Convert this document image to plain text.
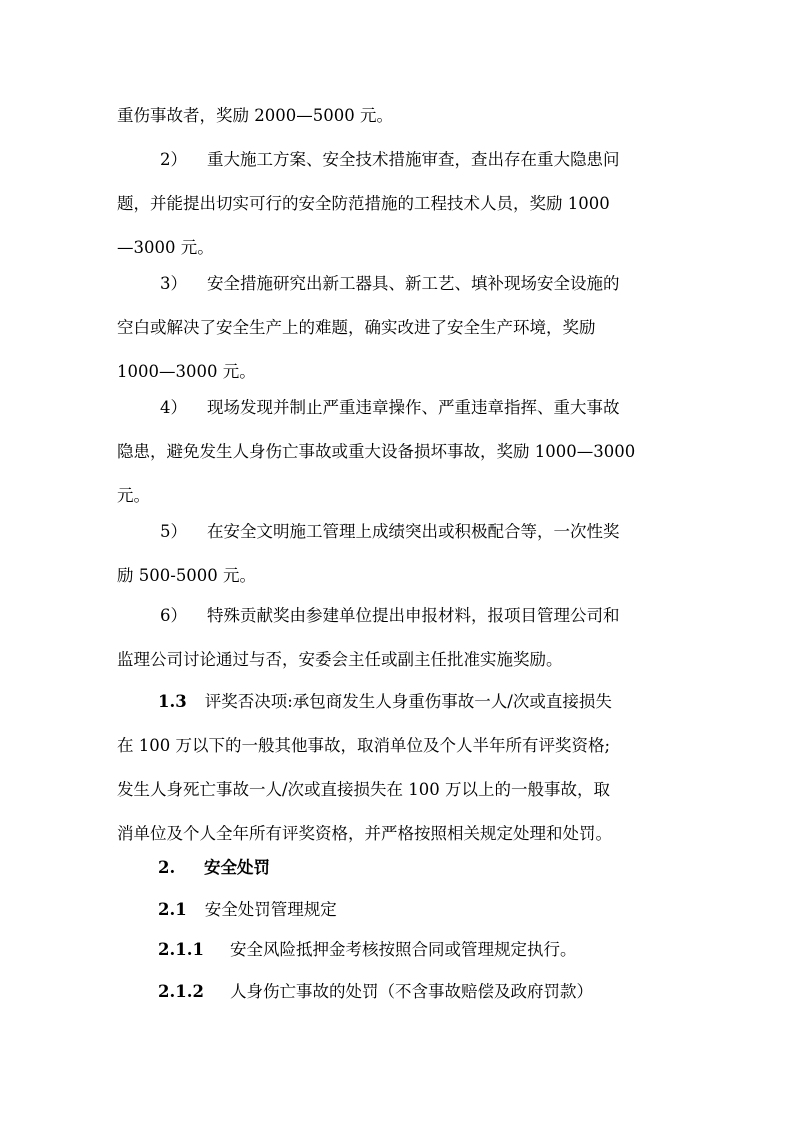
重伤事故者，奖励 2000—5000 元。
2） 重大施工方案、安全技术措施审查，查出存在重大隐患问
题，并能提出切实可行的安全防范措施的工程技术人员，奖励 1000
—3000 元。
3） 安全措施研究出新工器具、新工艺、填补现场安全设施的
空白或解决了安全生产上的难题，确实改进了安全生产环境，奖励
1000—3000 元。
4） 现场发现并制止严重违章操作、严重违章指挥、重大事故
隐患，避免发生人身伤亡事故或重大设备损坏事故，奖励 1000—3000
元。
5） 在安全文明施工管理上成绩突出或积极配合等，一次性奖
励 500-5000 元。
6） 特殊贡献奖由参建单位提出申报材料，报项目管理公司和
监理公司讨论通过与否，安委会主任或副主任批准实施奖励。
1.3 评奖否决项:承包商发生人身重伤事故一人/次或直接损失
在 100 万以下的一般其他事故，取消单位及个人半年所有评奖资格;
发生人身死亡事故一人/次或直接损失在 100 万以上的一般事故，取
消单位及个人全年所有评奖资格，并严格按照相关规定处理和处罚。
2. 安全处罚
2.1 安全处罚管理规定
2.1.1 安全风险抵押金考核按照合同或管理规定执行。
2.1.2 人身伤亡事故的处罚（不含事故赔偿及政府罚款）
